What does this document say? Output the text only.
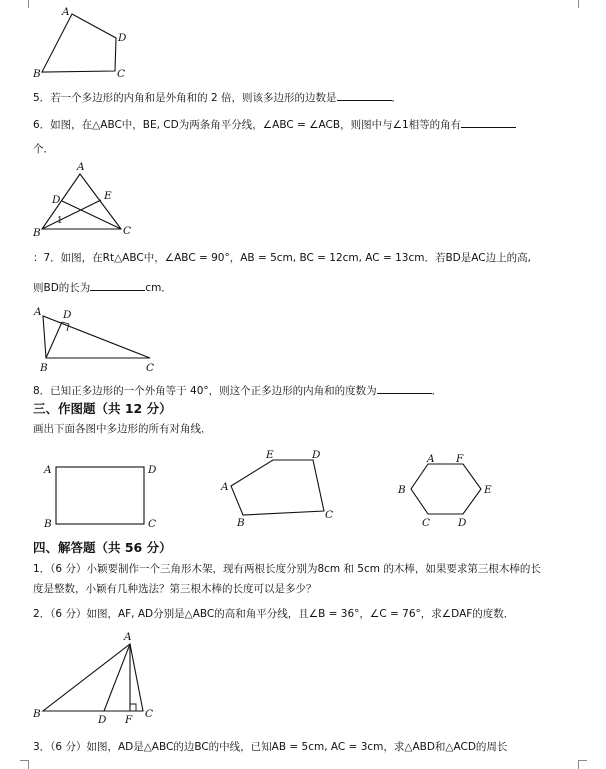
A
D
B	C
A
D	E
B	C
1
A D
B	C
A	D
B	C
E	D
A
B
C
A F
B	E
C	D
A
B	D F C
5．若一个多边形的内角和是外角和的 2 倍，则该多边形的边数是	．
6．如图，在△ABC中，BE, CD为两条角平分线，∠ABC = ∠ACB，则图中与∠1相等的角有
个．
：7．如图，在Rt△ABC中，∠ABC = 90°，AB = 5cm, BC = 12cm, AC = 13cm．若BD是AC边上的高,
则BD的长为	cm．
8．已知正多边形的一个外角等于 40°，则这个正多边形的内角和的度数为	．
三、作图题（共 12 分）
画出下面各图中多边形的所有对角线．
四、解答题（共 56 分）
1．（6 分）小颖要制作一个三角形木架，现有两根长度分别为8cm 和 5cm 的木棒，如果要求第三根木棒的长
度是整数，小颖有几种选法？第三根木棒的长度可以是多少？
2．（6 分）如图，AF, AD分别是△ABC的高和角平分线，且∠B = 36°，∠C = 76°，求∠DAF的度数．
3．（6 分）如图，AD是△ABC的边BC的中线，已知AB = 5cm, AC = 3cm，求△ABD和△ACD的周长
